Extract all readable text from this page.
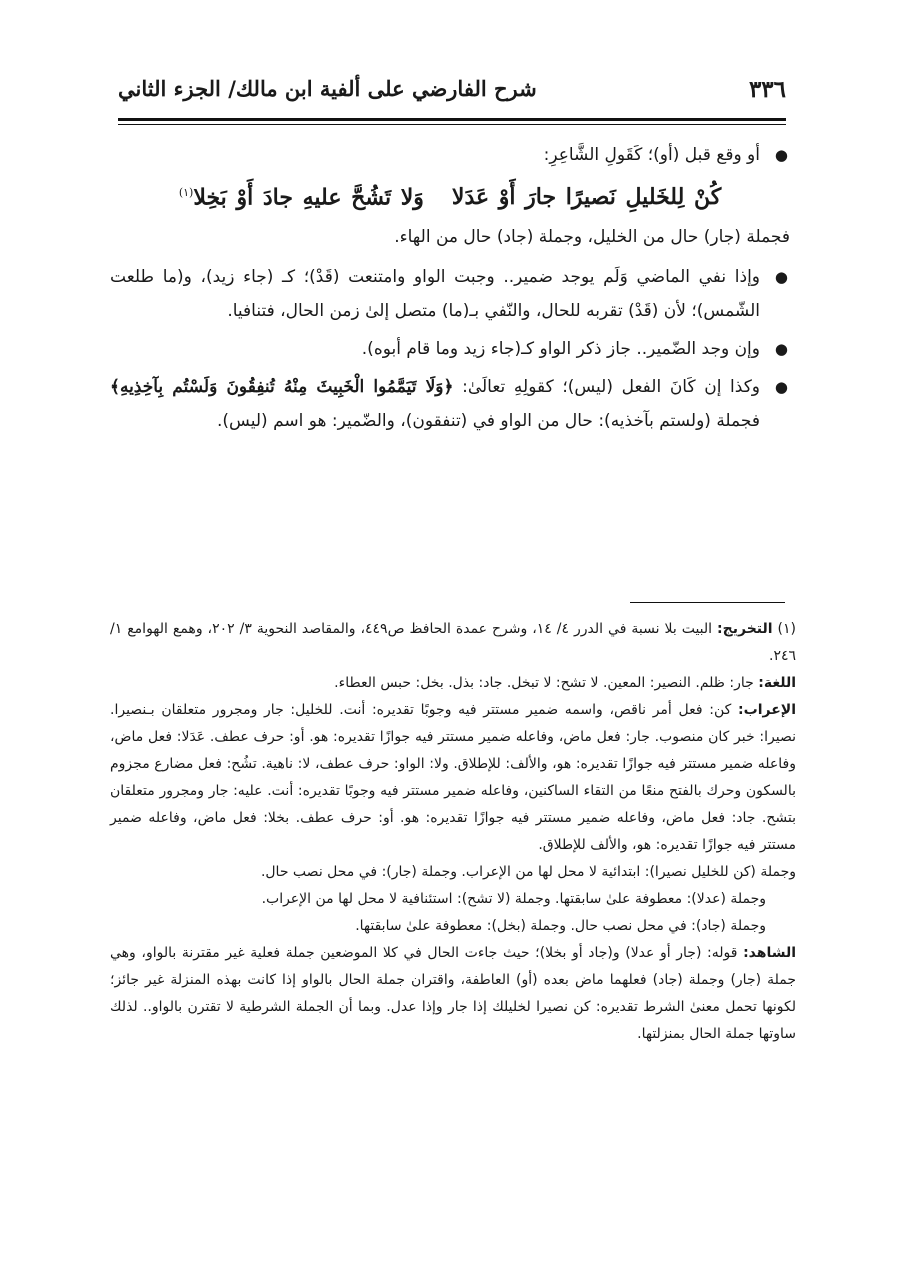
٣٣٦
شرح الفارضي على ألفية ابن مالك/ الجزء الثاني

●
أو وقع قبل (أو)؛ كَقَولِ الشَّاعِرِ:

كُنْ لِلخَليلِ نَصيرًا جارَ أَوْ عَدَلاوَلا تَشُحَّ عليهِ جادَ أَوْ بَخِلا$^{(١)}$

فجملة (جار) حال من الخليل، وجملة (جاد) حال من الهاء.

●
وإذا نفي الماضي وَلَم يوجد ضمير.. وجبت الواو وامتنعت (قَدْ)؛ كـ (جاء زيد)، و(ما طلعت الشّمس)؛ لأن (قَدْ) تقربه للحال، والنّفي بـ(ما) متصل إلىٰ زمن الحال، فتنافيا.

●
وإن وجد الضّمير.. جاز ذكر الواو كـ(جاء زيد وما قام أبوه).

●
وكذا إن كَانَ الفعل (ليس)؛ كقولِهِ تعالَىٰ: ﴿وَلَا تَيَمَّمُوا الْخَبِيثَ مِنْهُ تُنفِقُونَ وَلَسْتُم بِآخِذِيهِ﴾ فجملة (ولستم بآخذيه): حال من الواو في (تنفقون)، والضّمير: هو اسم (ليس).

(١) التخريج: البيت بلا نسبة في الدرر ٤/ ١٤، وشرح عمدة الحافظ ص٤٤٩، والمقاصد النحوية ٣/ ٢٠٢، وهمع الهوامع ١/ ٢٤٦.

اللغة: جار: ظلم. النصير: المعين. لا تشح: لا تبخل. جاد: بذل. بخل: حبس العطاء.

الإعراب: كن: فعل أمر ناقص، واسمه ضمير مستتر فيه وجوبًا تقديره: أنت. للخليل: جار ومجرور متعلقان بـنصيرا. نصيرا: خبر كان منصوب. جار: فعل ماض، وفاعله ضمير مستتر فيه جوازًا تقديره: هو. أو: حرف عطف. عَدَلا: فعل ماض، وفاعله ضمير مستتر فيه جوازًا تقديره: هو، والألف: للإطلاق. ولا: الواو: حرف عطف، لا: ناهية. تشُح: فعل مضارع مجزوم بالسكون وحرك بالفتح منعًا من التقاء الساكنين، وفاعله ضمير مستتر فيه وجوبًا تقديره: أنت. عليه: جار ومجرور متعلقان بتشح. جاد: فعل ماض، وفاعله ضمير مستتر فيه جوازًا تقديره: هو. أو: حرف عطف. بخلا: فعل ماض، وفاعله ضمير مستتر فيه جوازًا تقديره: هو، والألف للإطلاق.

وجملة (كن للخليل نصيرا): ابتدائية لا محل لها من الإعراب. وجملة (جار): في محل نصب حال.

وجملة (عدلا): معطوفة علىٰ سابقتها. وجملة (لا تشح): استئنافية لا محل لها من الإعراب.

وجملة (جاد): في محل نصب حال. وجملة (بخل): معطوفة علىٰ سابقتها.

الشاهد: قوله: (جار أو عدلا) و(جاد أو بخلا)؛ حيث جاءت الحال في كلا الموضعين جملة فعلية غير مقترنة بالواو، وهي جملة (جار) وجملة (جاد) فعلهما ماض بعده (أو) العاطفة، واقتران جملة الحال بالواو إذا كانت بهذه المنزلة غير جائز؛ لكونها تحمل معنىٰ الشرط تقديره: كن نصيرا لخليلك إذا جار وإذا عدل. وبما أن الجملة الشرطية لا تقترن بالواو.. لذلك ساوتها جملة الحال بمنزلتها.
